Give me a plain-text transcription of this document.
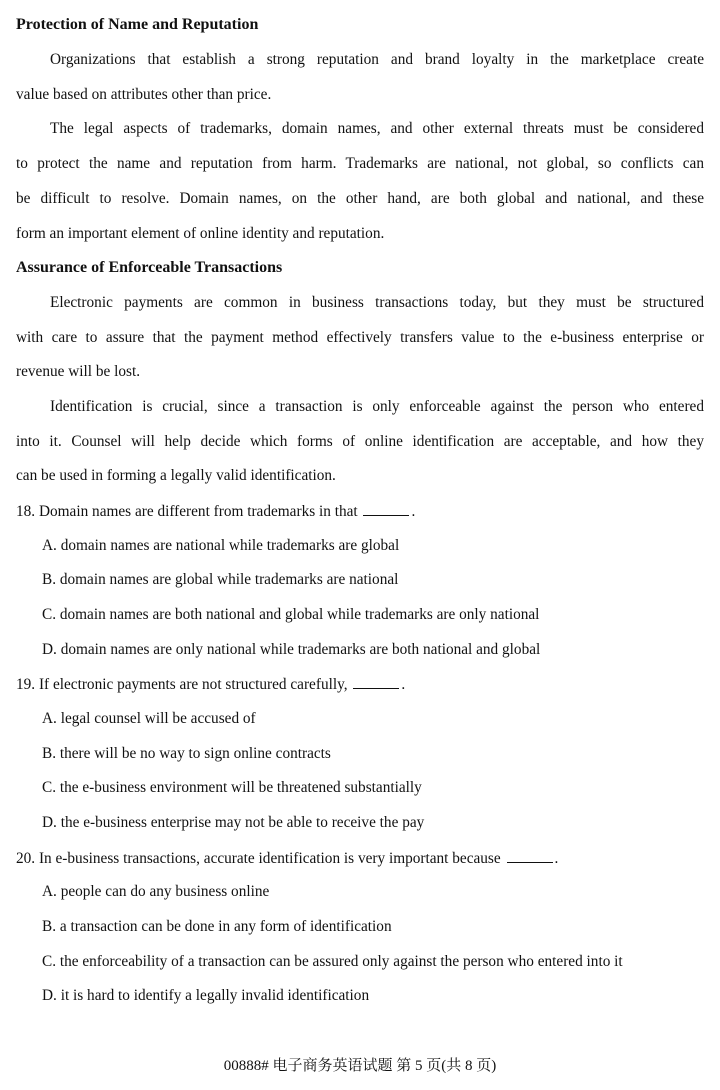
Protection of Name and Reputation
Organizations that establish a strong reputation and brand loyalty in the marketplace create
value based on attributes other than price.
The legal aspects of trademarks, domain names, and other external threats must be considered
to protect the name and reputation from harm. Trademarks are national, not global, so conflicts can
be difficult to resolve. Domain names, on the other hand, are both global and national, and these
form an important element of online identity and reputation.
Assurance of Enforceable Transactions
Electronic payments are common in business transactions today, but they must be structured
with care to assure that the payment method effectively transfers value to the e-business enterprise or
revenue will be lost.
Identification is crucial, since a transaction is only enforceable against the person who entered
into it. Counsel will help decide which forms of online identification are acceptable, and how they
can be used in forming a legally valid identification.
18. Domain names are different from trademarks in that	.
A. domain names are national while trademarks are global
B. domain names are global while trademarks are national
C. domain names are both national and global while trademarks are only national
D. domain names are only national while trademarks are both national and global
19. If electronic payments are not structured carefully,	.
A. legal counsel will be accused of
B. there will be no way to sign online contracts
C. the e-business environment will be threatened substantially
D. the e-business enterprise may not be able to receive the pay
20. In e-business transactions, accurate identification is very important because	.
A. people can do any business online
B. a transaction can be done in any form of identification
C. the enforceability of a transaction can be assured only against the person who entered into it
D. it is hard to identify a legally invalid identification
00888# 电子商务英语试题 第 5 页(共 8 页)
